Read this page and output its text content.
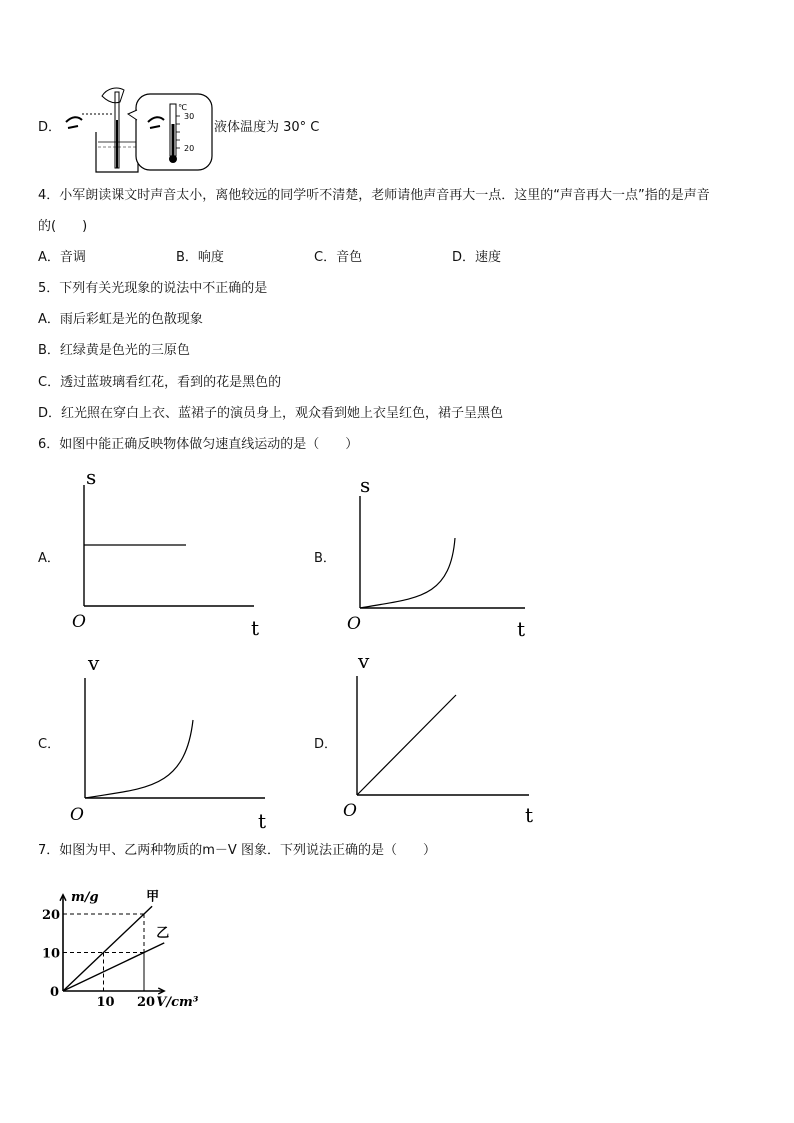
D．
℃
30
20
液体温度为 30° C
4．小军朗读课文时声音太小，离他较远的同学听不清楚，老师请他声音再大一点．这里的“声音再大一点”指的是声音
的(　　)
A．音调	B．响度	C．音色	D．速度
5．下列有关光现象的说法中不正确的是
A．雨后彩虹是光的色散现象
B．红绿黄是色光的三原色
C．透过蓝玻璃看红花，看到的花是黑色的
D．红光照在穿白上衣、蓝裙子的演员身上，观众看到她上衣呈红色，裙子呈黑色
6．如图中能正确反映物体做匀速直线运动的是（　　）
A．
s
t
O
B．
s
t
O
C．
v
t
O
D．
v
t
O
7．如图为甲、乙两种物质的m－V 图象．下列说法正确的是（　　）
甲
乙
10 20
10
20
0
m/g
V/cm³
